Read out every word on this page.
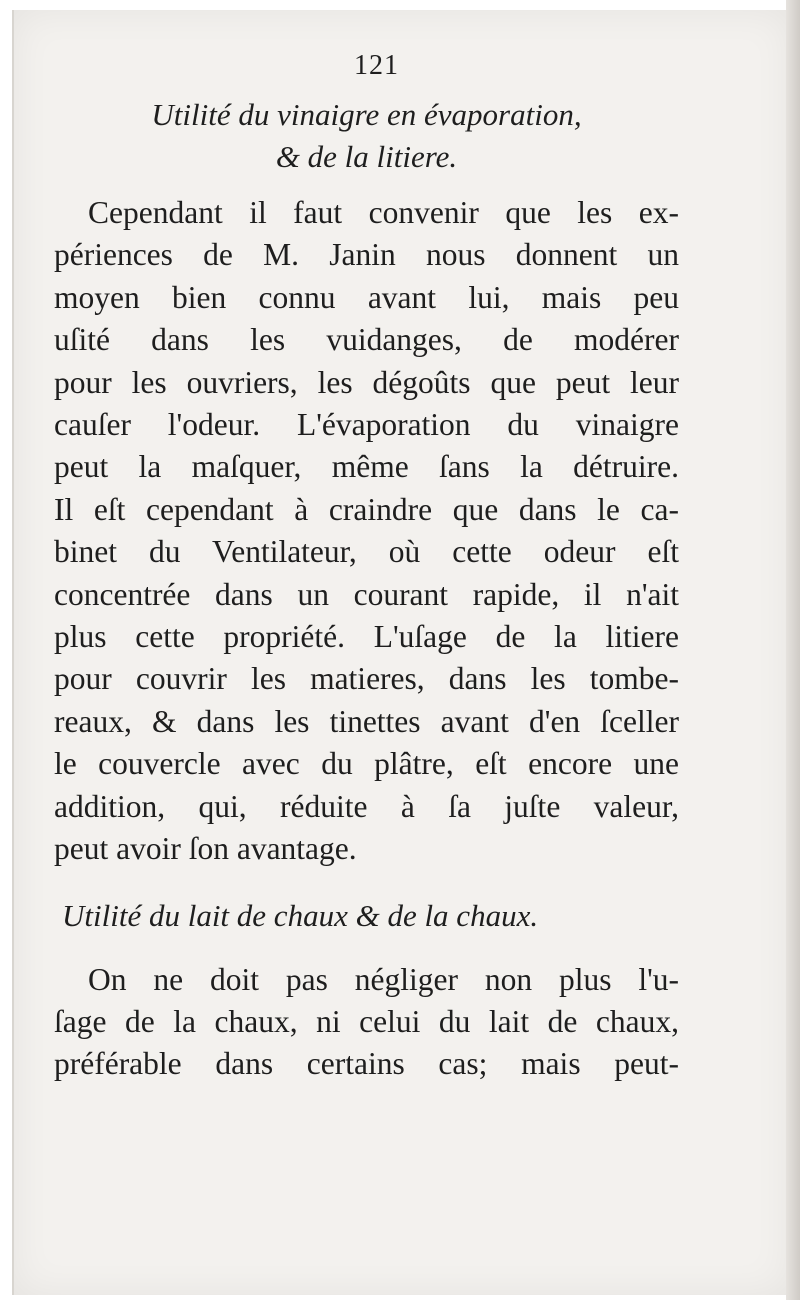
121
Utilité du vinaigre en évaporation,
& de la litiere.
Cependant il faut convenir que les ex-
périences de M. Janin nous donnent un
moyen bien connu avant lui, mais peu
uſité dans les vuidanges, de modérer
pour les ouvriers, les dégoûts que peut leur
cauſer l'odeur. L'évaporation du vinaigre
peut la maſquer, même ſans la détruire.
Il eſt cependant à craindre que dans le ca-
binet du Ventilateur, où cette odeur eſt
concentrée dans un courant rapide, il n'ait
plus cette propriété. L'uſage de la litiere
pour couvrir les matieres, dans les tombe-
reaux, & dans les tinettes avant d'en ſceller
le couvercle avec du plâtre, eſt encore une
addition, qui, réduite à ſa juſte valeur,
peut avoir ſon avantage.
Utilité du lait de chaux & de la chaux.
On ne doit pas négliger non plus l'u-
ſage de la chaux, ni celui du lait de chaux,
préférable dans certains cas; mais peut-
